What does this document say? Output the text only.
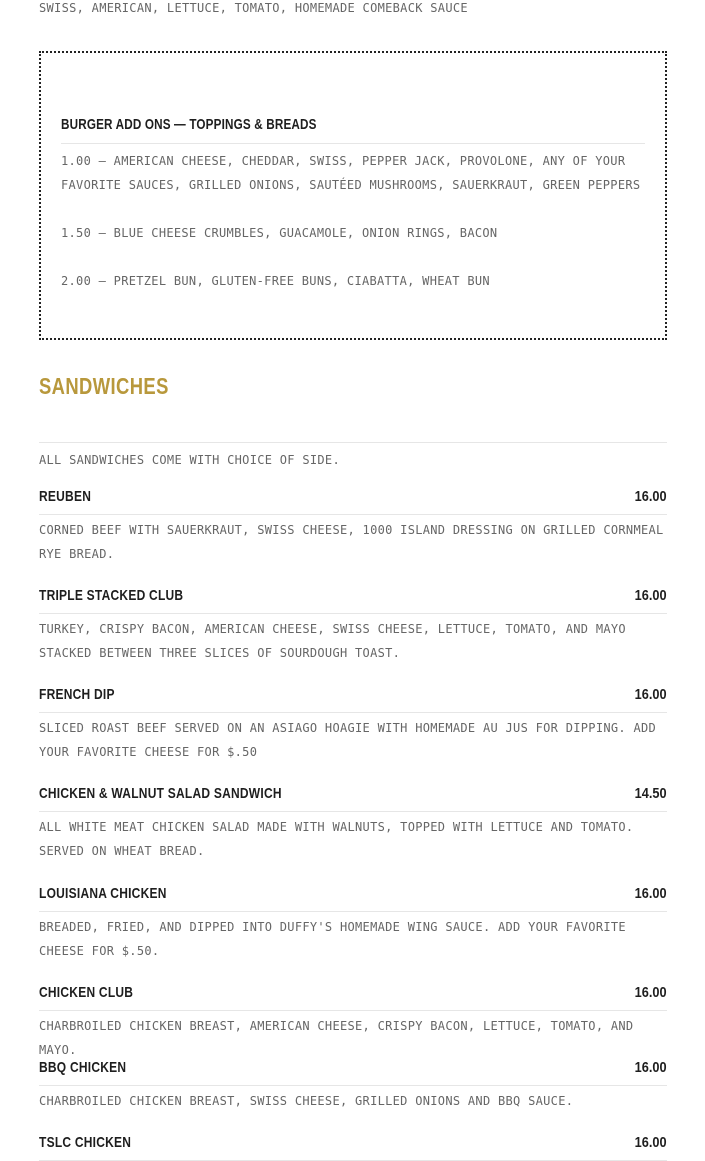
SWISS, AMERICAN, LETTUCE, TOMATO, HOMEMADE COMEBACK SAUCE
BURGER ADD ONS — TOPPINGS & BREADS
1.00 — AMERICAN CHEESE, CHEDDAR, SWISS, PEPPER JACK, PROVOLONE, ANY OF YOUR FAVORITE SAUCES, GRILLED ONIONS, SAUTÉED MUSHROOMS, SAUERKRAUT, GREEN PEPPERS
1.50 — BLUE CHEESE CRUMBLES, GUACAMOLE, ONION RINGS, BACON
2.00 — PRETZEL BUN, GLUTEN-FREE BUNS, CIABATTA, WHEAT BUN
SANDWICHES
ALL SANDWICHES COME WITH CHOICE OF SIDE.
REUBEN	16.00
CORNED BEEF WITH SAUERKRAUT, SWISS CHEESE, 1000 ISLAND DRESSING ON GRILLED CORNMEAL RYE BREAD.
TRIPLE STACKED CLUB	16.00
TURKEY, CRISPY BACON, AMERICAN CHEESE, SWISS CHEESE, LETTUCE, TOMATO, AND MAYO STACKED BETWEEN THREE SLICES OF SOURDOUGH TOAST.
FRENCH DIP	16.00
SLICED ROAST BEEF SERVED ON AN ASIAGO HOAGIE WITH HOMEMADE AU JUS FOR DIPPING. ADD YOUR FAVORITE CHEESE FOR $.50
CHICKEN & WALNUT SALAD SANDWICH	14.50
ALL WHITE MEAT CHICKEN SALAD MADE WITH WALNUTS, TOPPED WITH LETTUCE AND TOMATO. SERVED ON WHEAT BREAD.
LOUISIANA CHICKEN	16.00
BREADED, FRIED, AND DIPPED INTO DUFFY'S HOMEMADE WING SAUCE. ADD YOUR FAVORITE CHEESE FOR $.50.
CHICKEN CLUB	16.00
CHARBROILED CHICKEN BREAST, AMERICAN CHEESE, CRISPY BACON, LETTUCE, TOMATO, AND MAYO.
BBQ CHICKEN	16.00
CHARBROILED CHICKEN BREAST, SWISS CHEESE, GRILLED ONIONS AND BBQ SAUCE.
TSLC CHICKEN	16.00
